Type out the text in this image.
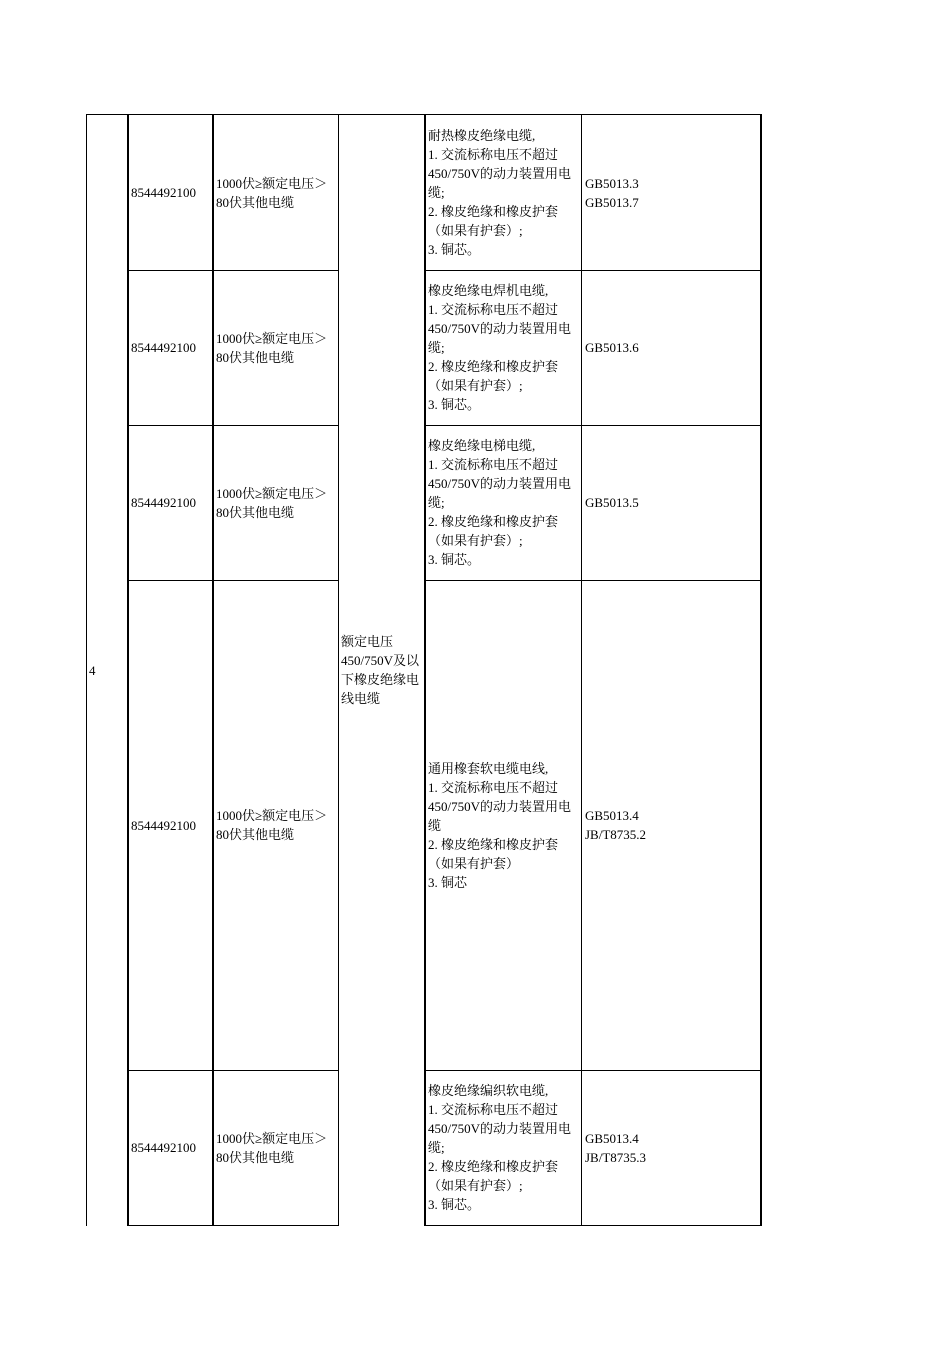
4
额定电压450/750V及以下橡皮绝缘电线电缆
8544492100
1000伏≥额定电压＞80伏其他电缆
耐热橡皮绝缘电缆,
1. 交流标称电压不超过450/750V的动力装置用电缆;
2. 橡皮绝缘和橡皮护套（如果有护套）;
3. 铜芯。
GB5013.3
GB5013.7
8544492100
1000伏≥额定电压＞80伏其他电缆
橡皮绝缘电焊机电缆,
1. 交流标称电压不超过450/750V的动力装置用电缆;
2. 橡皮绝缘和橡皮护套（如果有护套）;
3. 铜芯。
GB5013.6
8544492100
1000伏≥额定电压＞80伏其他电缆
橡皮绝缘电梯电缆,
1. 交流标称电压不超过450/750V的动力装置用电缆;
2. 橡皮绝缘和橡皮护套（如果有护套）;
3. 铜芯。
GB5013.5
8544492100
1000伏≥额定电压＞80伏其他电缆
通用橡套软电缆电线,
1. 交流标称电压不超过450/750V的动力装置用电缆
2. 橡皮绝缘和橡皮护套（如果有护套）
3. 铜芯
GB5013.4
JB/T8735.2
8544492100
1000伏≥额定电压＞80伏其他电缆
橡皮绝缘编织软电缆,
1. 交流标称电压不超过450/750V的动力装置用电缆;
2. 橡皮绝缘和橡皮护套（如果有护套）;
3. 铜芯。
GB5013.4
JB/T8735.3
